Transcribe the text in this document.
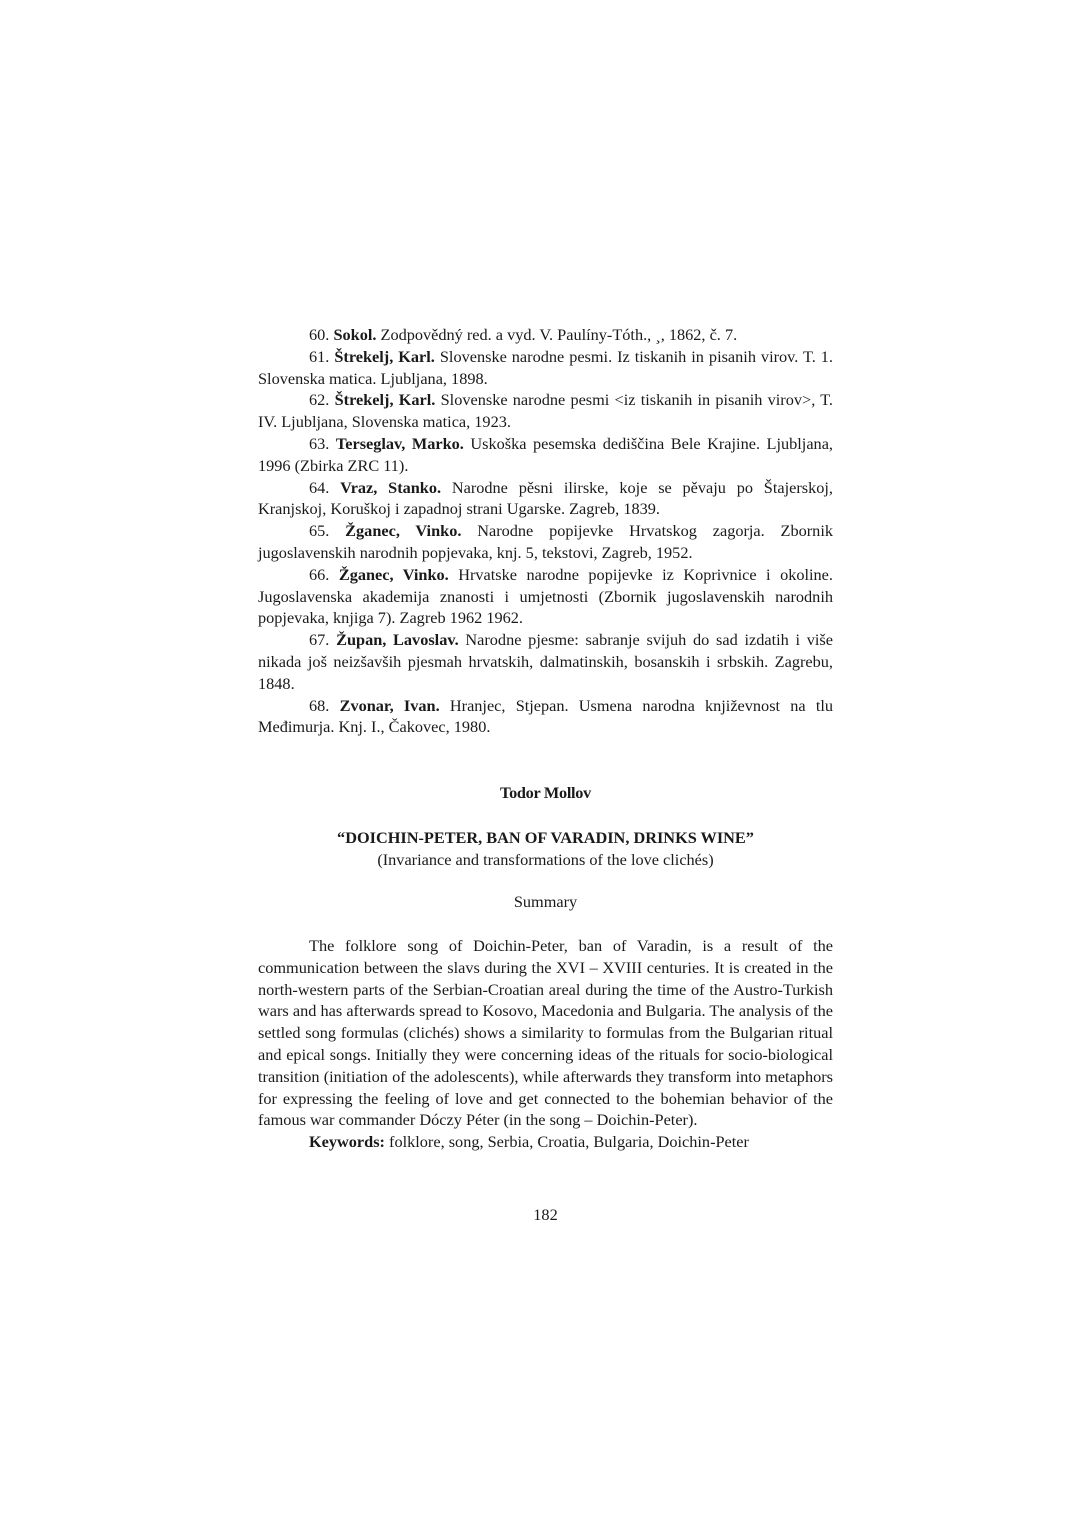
60. Sokol. Zodpovědný red. a vyd. V. Paulíny-Tóth., ¸, 1862, č. 7.

61. Štrekelj, Karl. Slovenske narodne pesmi. Iz tiskanih in pisanih virov. T. 1. Slovenska matica. Ljubljana, 1898.

62. Štrekelj, Karl. Slovenske narodne pesmi <iz tiskanih in pisanih virov>, T. IV. Ljubljana, Slovenska matica, 1923.

63. Terseglav, Marko. Uskoška pesemska dediščina Bele Krajine. Ljubljana, 1996 (Zbirka ZRC 11).

64. Vraz, Stanko. Narodne pěsni ilirske, koje se pěvaju po Štajerskoj, Kranjskoj, Koruškoj i zapadnoj strani Ugarske. Zagreb, 1839.

65. Žganec, Vinko. Narodne popijevke Hrvatskog zagorja. Zbornik jugoslavenskih narodnih popjevaka, knj. 5, tekstovi, Zagreb, 1952.

66. Žganec, Vinko. Hrvatske narodne popijevke iz Koprivnice i okoline. Jugoslavenska akademija znanosti i umjetnosti (Zbornik jugoslavenskih narodnih popjevaka, knjiga 7). Zagreb 1962 1962.

67. Župan, Lavoslav. Narodne pjesme: sabranje svijuh do sad izdatih i više nikada još neizšavših pjesmah hrvatskih, dalmatinskih, bosanskih i srbskih. Zagrebu, 1848.

68. Zvonar, Ivan. Hranjec, Stjepan. Usmena narodna književnost na tlu Međimurja. Knj. I., Čakovec, 1980.

Todor Mollov
“DOICHIN-PETER, BAN OF VARADIN, DRINKS WINE”
(Invariance and transformations of the love clichés)
Summary

The folklore song of Doichin-Peter, ban of Varadin, is a result of the communication between the slavs during the XVI – XVIII centuries. It is created in the north-western parts of the Serbian-Croatian areal during the time of the Austro-Turkish wars and has afterwards spread to Kosovo, Macedonia and Bulgaria. The analysis of the settled song formulas (clichés) shows a similarity to formulas from the Bulgarian ritual and epical songs. Initially they were concerning ideas of the rituals for socio-biological transition (initiation of the adolescents), while afterwards they transform into metaphors for expressing the feeling of love and get connected to the bohemian behavior of the famous war commander Dóczy Péter (in the song – Doichin-Peter).

Keywords: folklore, song, Serbia, Croatia, Bulgaria, Doichin-Peter

182
